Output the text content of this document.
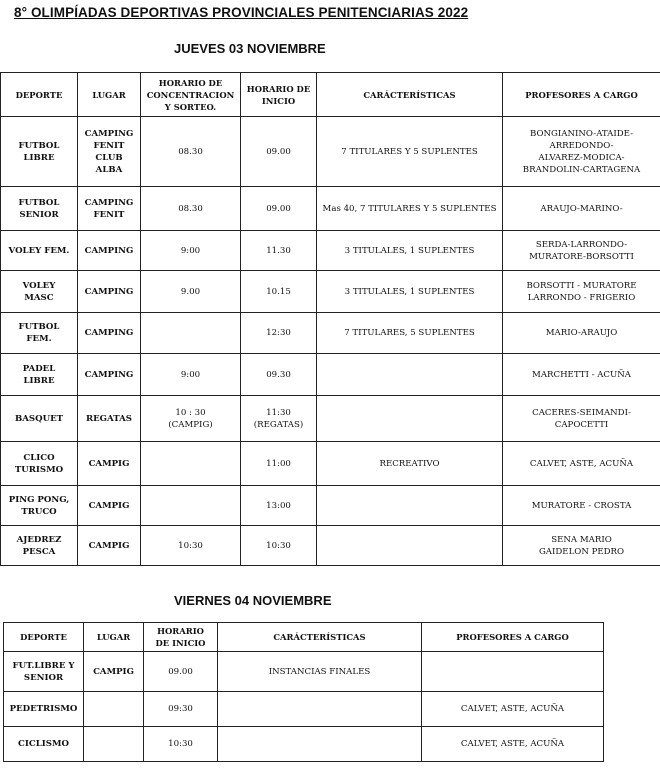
8° OLIMPÍADAS DEPORTIVAS PROVINCIALES PENITENCIARIAS 2022
JUEVES 03 NOVIEMBRE
DEPORTE	LUGAR	HORARIO DE
CONCENTRACION
Y SORTEO.	HORARIO DE
INICIO	CARÁCTERÍSTICAS	PROFESORES A CARGO

FUTBOL
LIBRE	CAMPING
FENIT
CLUB
ALBA	08.30	09.00	7 TITULARES Y 5 SUPLENTES	BONGIANINO-ATAIDE-
ARREDONDO-
ALVAREZ-MODICA-
BRANDOLIN-CARTAGENA

FUTBOL
SENIOR	CAMPING
FENIT	08.30	09.00	Mas 40, 7 TITULARES Y 5 SUPLENTES	ARAUJO-MARINO-

VOLEY FEM.	CAMPING	9:00	11.30	3 TITULALES, 1 SUPLENTES	SERDA-LARRONDO-
MURATORE-BORSOTTI

VOLEY
MASC	CAMPING	9.00	10.15	3 TITULALES, 1 SUPLENTES	BORSOTTI - MURATORE
LARRONDO - FRIGERIO

FUTBOL
FEM.	CAMPING		12:30	7 TITULARES, 5 SUPLENTES	MARIO-ARAUJO

PADEL
LIBRE	CAMPING	9:00	09.30		MARCHETTI - ACUÑA

BASQUET	REGATAS	10 : 30
(CAMPIG)	11:30
(REGATAS)		CACERES-SEIMANDI-
CAPOCETTI

CLICO
TURISMO	CAMPIG		11:00	RECREATIVO	CALVET, ASTE, ACUÑA

PING PONG,
TRUCO	CAMPIG		13:00		MURATORE - CROSTA

AJEDREZ
PESCA	CAMPIG	10:30	10:30		SENA MARIO
GAIDELON PEDRO
VIERNES 04 NOVIEMBRE
DEPORTE	LUGAR	HORARIO
DE INICIO	CARÁCTERÍSTICAS	PROFESORES A CARGO

FUT.LIBRE Y
SENIOR	CAMPIG	09.00	INSTANCIAS FINALES	

PEDETRISMO		09:30		CALVET, ASTE, ACUÑA

CICLISMO		10:30		CALVET, ASTE, ACUÑA
